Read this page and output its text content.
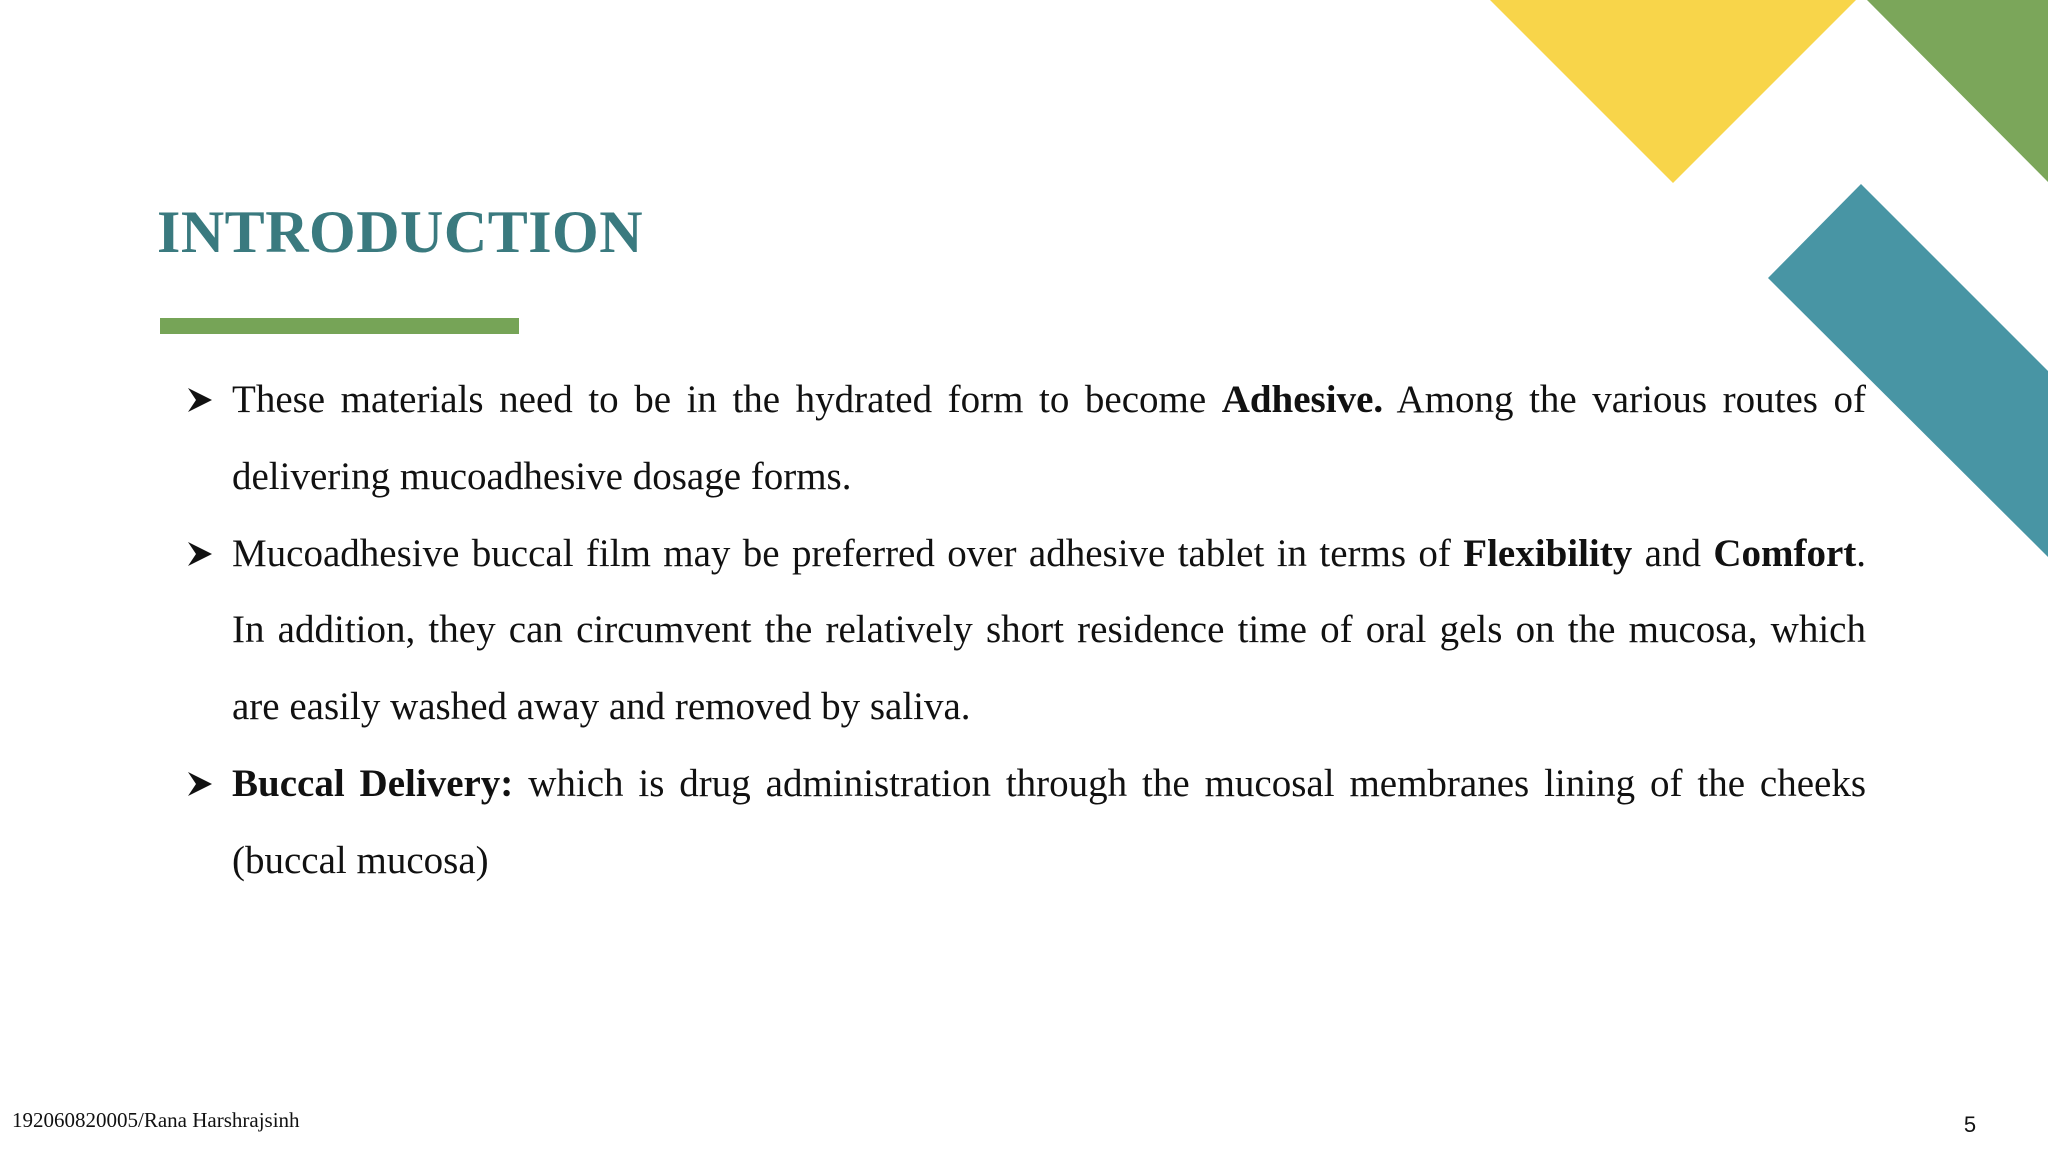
INTRODUCTION
These materials need to be in the hydrated form to become Adhesive. Among the various routes of delivering mucoadhesive dosage forms.
Mucoadhesive buccal film may be preferred over adhesive tablet in terms of Flexibility and Comfort. In addition, they can circumvent the relatively short residence time of oral gels on the mucosa, which are easily washed away and removed by saliva.
Buccal Delivery: which is drug administration through the mucosal membranes lining of the cheeks (buccal mucosa)
192060820005/Rana Harshrajsinh	5
